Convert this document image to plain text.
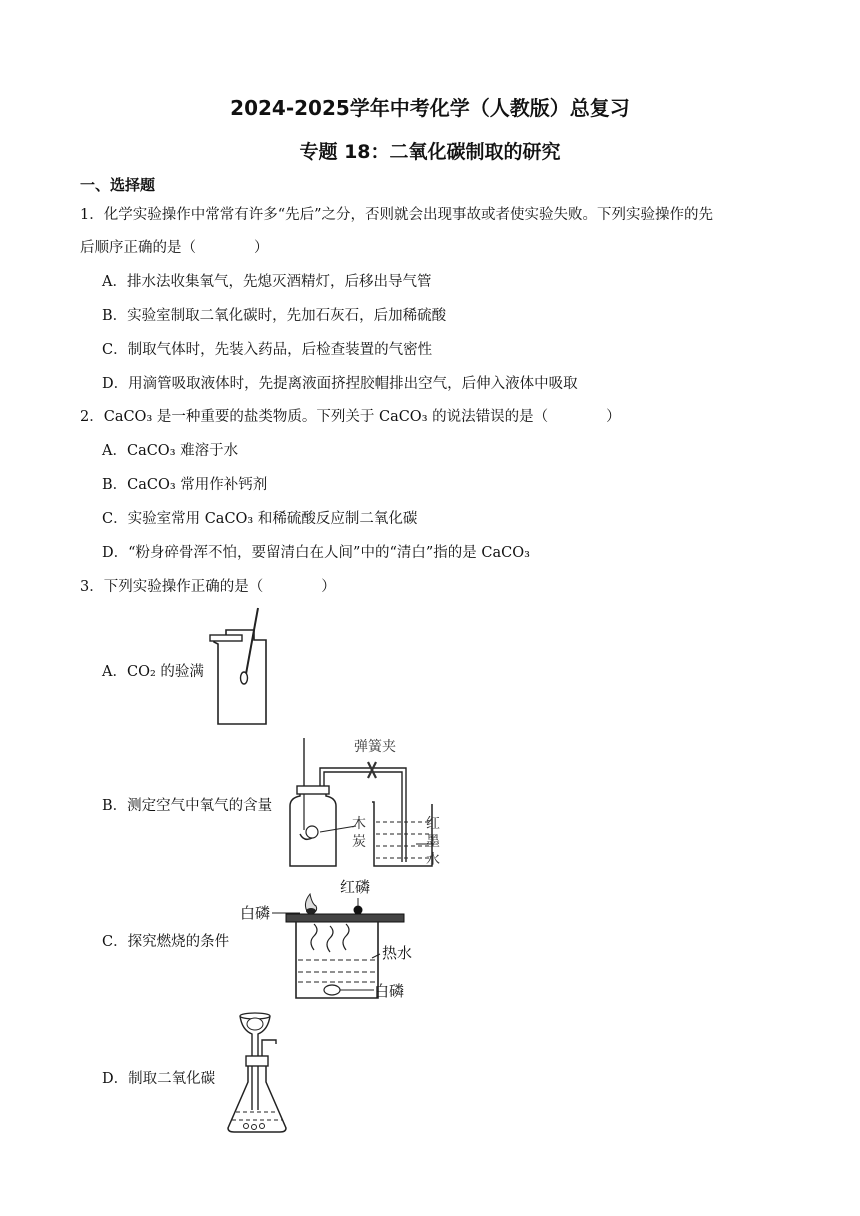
2024-2025学年中考化学（人教版）总复习
专题 18：二氧化碳制取的研究
一、选择题
1．化学实验操作中常常有许多“先后”之分，否则就会出现事故或者使实验失败。下列实验操作的先
后顺序正确的是（　　　　）
A．排水法收集氧气，先熄灭酒精灯，后移出导气管
B．实验室制取二氧化碳时，先加石灰石，后加稀硫酸
C．制取气体时，先装入药品，后检查装置的气密性
D．用滴管吸取液体时，先提离液面挤捏胶帽排出空气，后伸入液体中吸取
2．CaCO₃ 是一种重要的盐类物质。下列关于 CaCO₃ 的说法错误的是（　　　　）
A．CaCO₃ 难溶于水
B．CaCO₃ 常用作补钙剂
C．实验室常用 CaCO₃ 和稀硫酸反应制二氧化碳
D．“粉身碎骨浑不怕，要留清白在人间”中的“清白”指的是 CaCO₃
3．下列实验操作正确的是（　　　　）
A．CO₂ 的验满
B．测定空气中氧气的含量
弹簧夹
木
炭
红
墨
水
C．探究燃烧的条件
红磷
白磷
热水
白磷
D．制取二氧化碳
